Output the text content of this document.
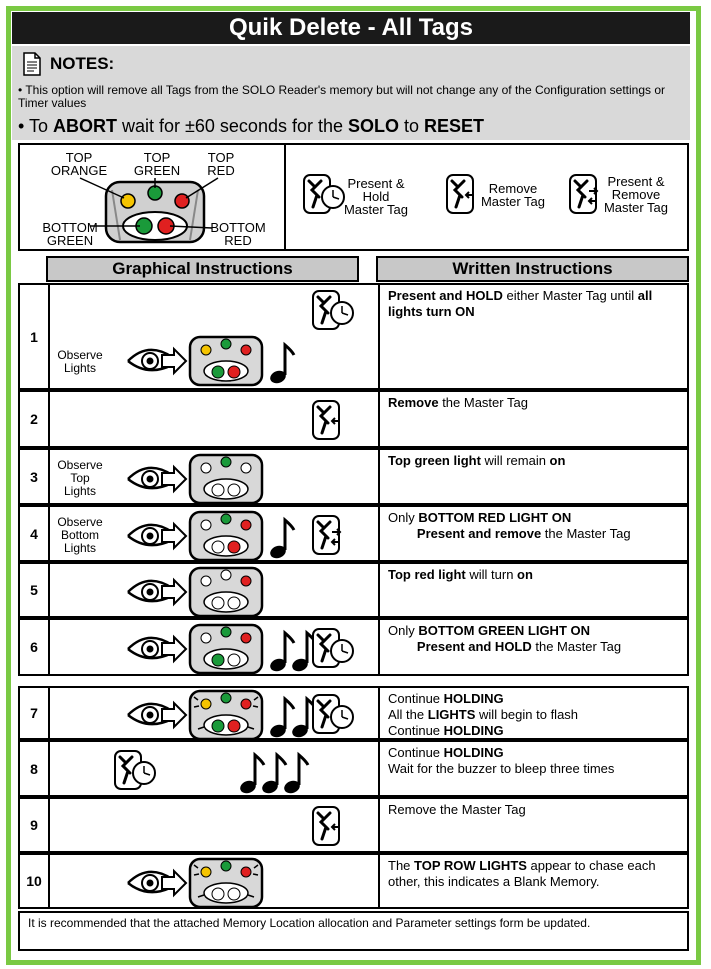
Quik Delete - All Tags
NOTES:
• This option will remove all Tags from the SOLO Reader's memory but will not change any of the Configuration settings or Timer values
• To ABORT wait for ±60 seconds for the SOLO to RESET
TOP
ORANGE
TOP
GREEN
TOP
RED
BOTTOM
GREEN
BOTTOM
RED
Present &
Hold
Master Tag
Remove
Master Tag
Present &
Remove
Master Tag
Graphical Instructions	Written Instructions
1
Observe
Lights
Present and HOLD either Master Tag until all lights turn ON
2
Remove the Master Tag
3
Observe
Top
Lights
Top green light will remain on
4
Observe
Bottom
Lights
Only BOTTOM RED LIGHT ON
Present and remove the Master Tag
5
Top red light will turn on
6
Only BOTTOM GREEN LIGHT ON
Present and HOLD the Master Tag
7
Continue HOLDING
All the LIGHTS will begin to flash
Continue HOLDING
8
Continue HOLDING
Wait for the buzzer to bleep three times
9
Remove the Master Tag
10
The TOP ROW LIGHTS appear to chase each other, this indicates a Blank Memory.
It is recommended that the attached Memory Location allocation and Parameter settings form be updated.
